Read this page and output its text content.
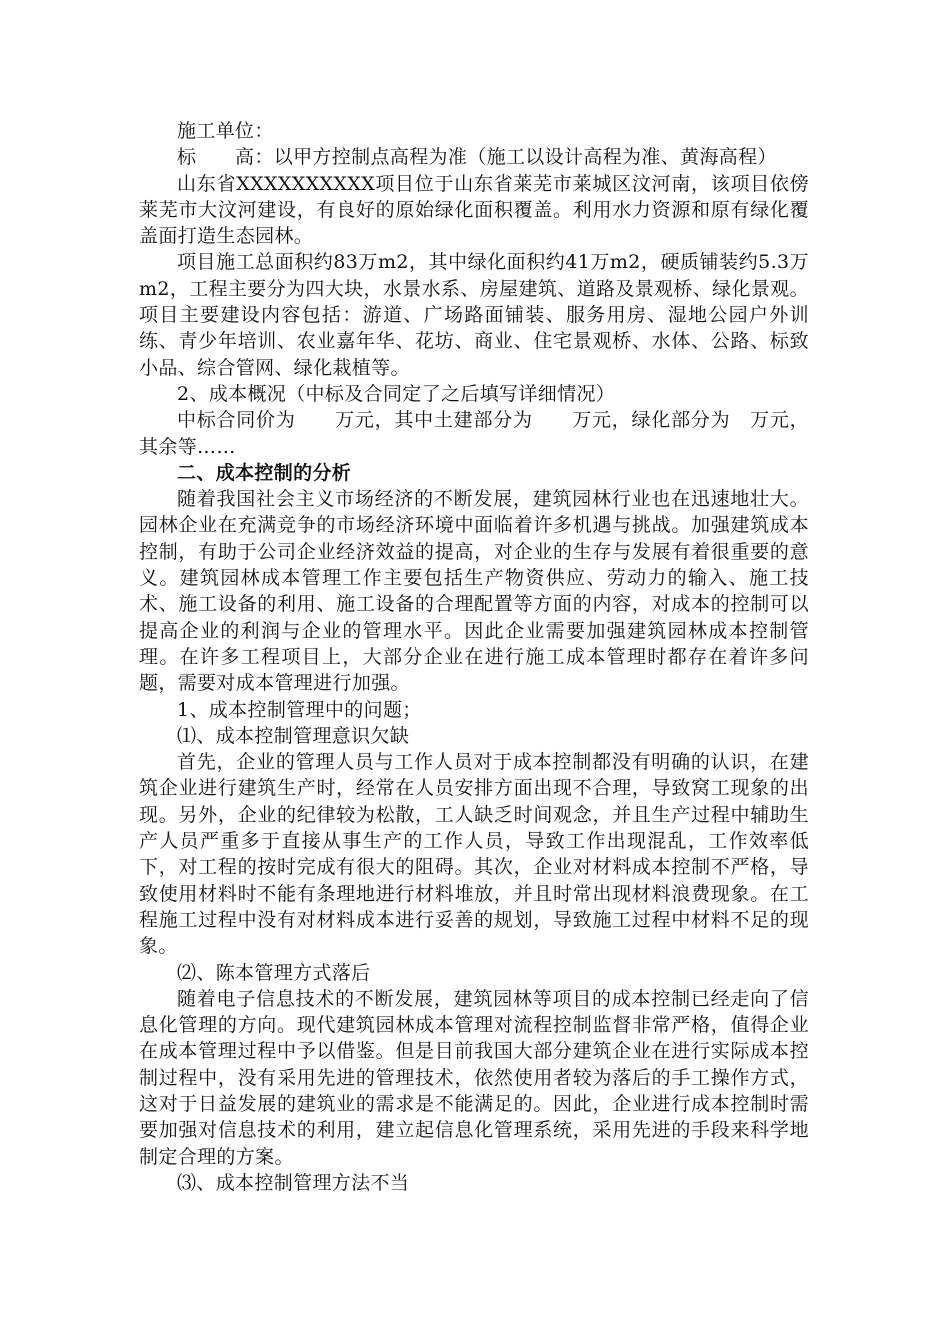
施工单位：

标　　高：以甲方控制点高程为准（施工以设计高程为准、黄海高程）

山东省XXXXXXXXXX项目位于山东省莱芜市莱城区汶河南，该项目依傍莱芜市大汶河建设，有良好的原始绿化面积覆盖。利用水力资源和原有绿化覆盖面打造生态园林。

项目施工总面积约83万m2，其中绿化面积约41万m2，硬质铺装约5.3万m2，工程主要分为四大块，水景水系、房屋建筑、道路及景观桥、绿化景观。项目主要建设内容包括：游道、广场路面铺装、服务用房、湿地公园户外训练、青少年培训、农业嘉年华、花坊、商业、住宅景观桥、水体、公路、标致小品、综合管网、绿化栽植等。

2、成本概况（中标及合同定了之后填写详细情况）

中标合同价为　　万元，其中土建部分为　　万元，绿化部分为　万元，其余等……

二、成本控制的分析

随着我国社会主义市场经济的不断发展，建筑园林行业也在迅速地壮大。园林企业在充满竞争的市场经济环境中面临着许多机遇与挑战。加强建筑成本控制，有助于公司企业经济效益的提高，对企业的生存与发展有着很重要的意义。建筑园林成本管理工作主要包括生产物资供应、劳动力的输入、施工技术、施工设备的利用、施工设备的合理配置等方面的内容，对成本的控制可以提高企业的利润与企业的管理水平。因此企业需要加强建筑园林成本控制管理。在许多工程项目上，大部分企业在进行施工成本管理时都存在着许多问题，需要对成本管理进行加强。

1、成本控制管理中的问题；

⑴、成本控制管理意识欠缺

首先，企业的管理人员与工作人员对于成本控制都没有明确的认识，在建筑企业进行建筑生产时，经常在人员安排方面出现不合理，导致窝工现象的出现。另外，企业的纪律较为松散，工人缺乏时间观念，并且生产过程中辅助生产人员严重多于直接从事生产的工作人员，导致工作出现混乱，工作效率低下，对工程的按时完成有很大的阻碍。其次，企业对材料成本控制不严格，导致使用材料时不能有条理地进行材料堆放，并且时常出现材料浪费现象。在工程施工过程中没有对材料成本进行妥善的规划，导致施工过程中材料不足的现象。

⑵、陈本管理方式落后

随着电子信息技术的不断发展，建筑园林等项目的成本控制已经走向了信息化管理的方向。现代建筑园林成本管理对流程控制监督非常严格，值得企业在成本管理过程中予以借鉴。但是目前我国大部分建筑企业在进行实际成本控制过程中，没有采用先进的管理技术，依然使用者较为落后的手工操作方式，这对于日益发展的建筑业的需求是不能满足的。因此，企业进行成本控制时需要加强对信息技术的利用，建立起信息化管理系统，采用先进的手段来科学地制定合理的方案。

⑶、成本控制管理方法不当
